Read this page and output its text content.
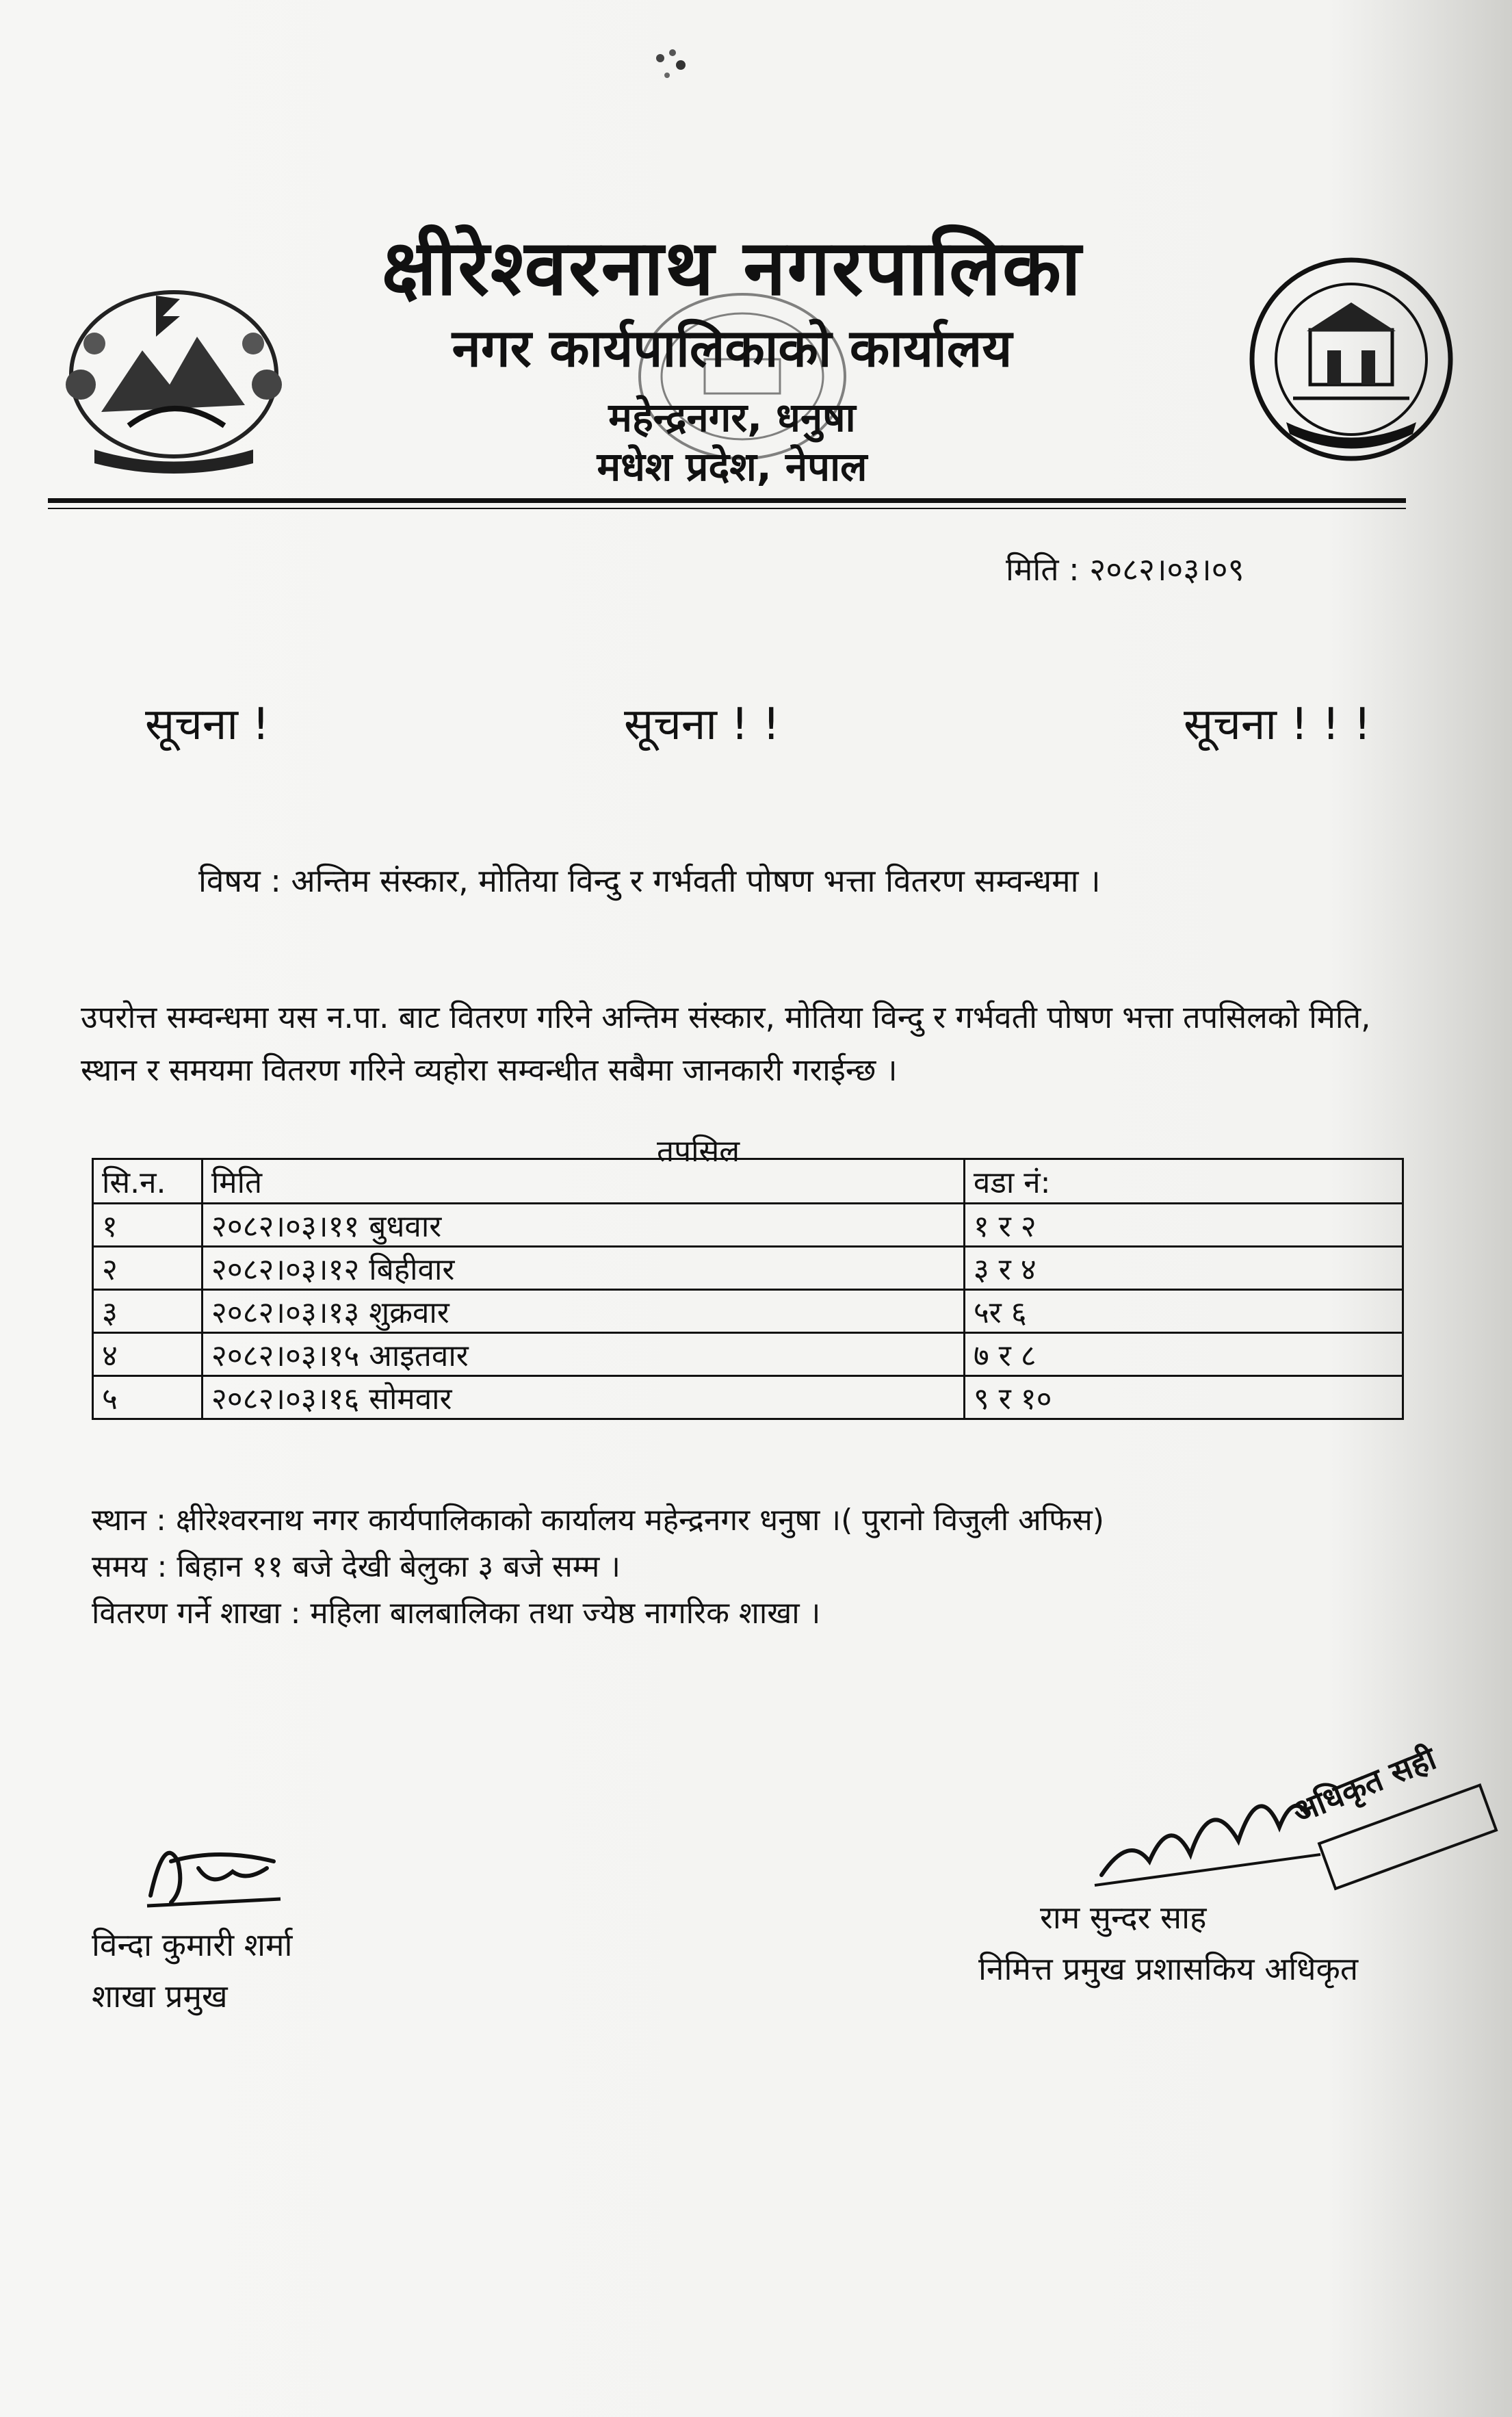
क्षीरेश्वरनाथ नगरपालिका
नगर कार्यपालिकाको कार्यालय
महेन्द्रनगर, धनुषा
मधेश प्रदेश, नेपाल
मिति : २०८२।०३।०९
सूचना !	सूचना ! !	सूचना ! ! !
विषय : अन्तिम संस्कार, मोतिया विन्दु र गर्भवती पोषण भत्ता वितरण सम्वन्धमा ।
उपरोत्त सम्वन्धमा यस न.पा. बाट वितरण गरिने अन्तिम संस्कार, मोतिया विन्दु र गर्भवती पोषण भत्ता तपसिलको मिति, स्थान र समयमा वितरण गरिने व्यहोरा सम्वन्धीत सबैमा जानकारी गराईन्छ ।
तपसिल
सि.न.	मिति	वडा नं:
१	२०८२।०३।११ बुधवार	१ र २
२	२०८२।०३।१२ बिहीवार	३ र ४
३	२०८२।०३।१३ शुक्रवार	५र ६
४	२०८२।०३।१५ आइतवार	७ र ८
५	२०८२।०३।१६ सोमवार	९ र १०
स्थान : क्षीरेश्वरनाथ नगर कार्यपालिकाको कार्यालय महेन्द्रनगर धनुषा ।( पुरानो विजुली अफिस)
समय : बिहान ११ बजे देखी बेलुका ३ बजे सम्म ।
वितरण गर्ने शाखा : महिला बालबालिका तथा ज्येष्ठ नागरिक शाखा ।
विन्दा कुमारी शर्मा
शाखा प्रमुख
अधिकृत सही
राम सुन्दर साह
निमित्त प्रमुख प्रशासकिय अधिकृत
